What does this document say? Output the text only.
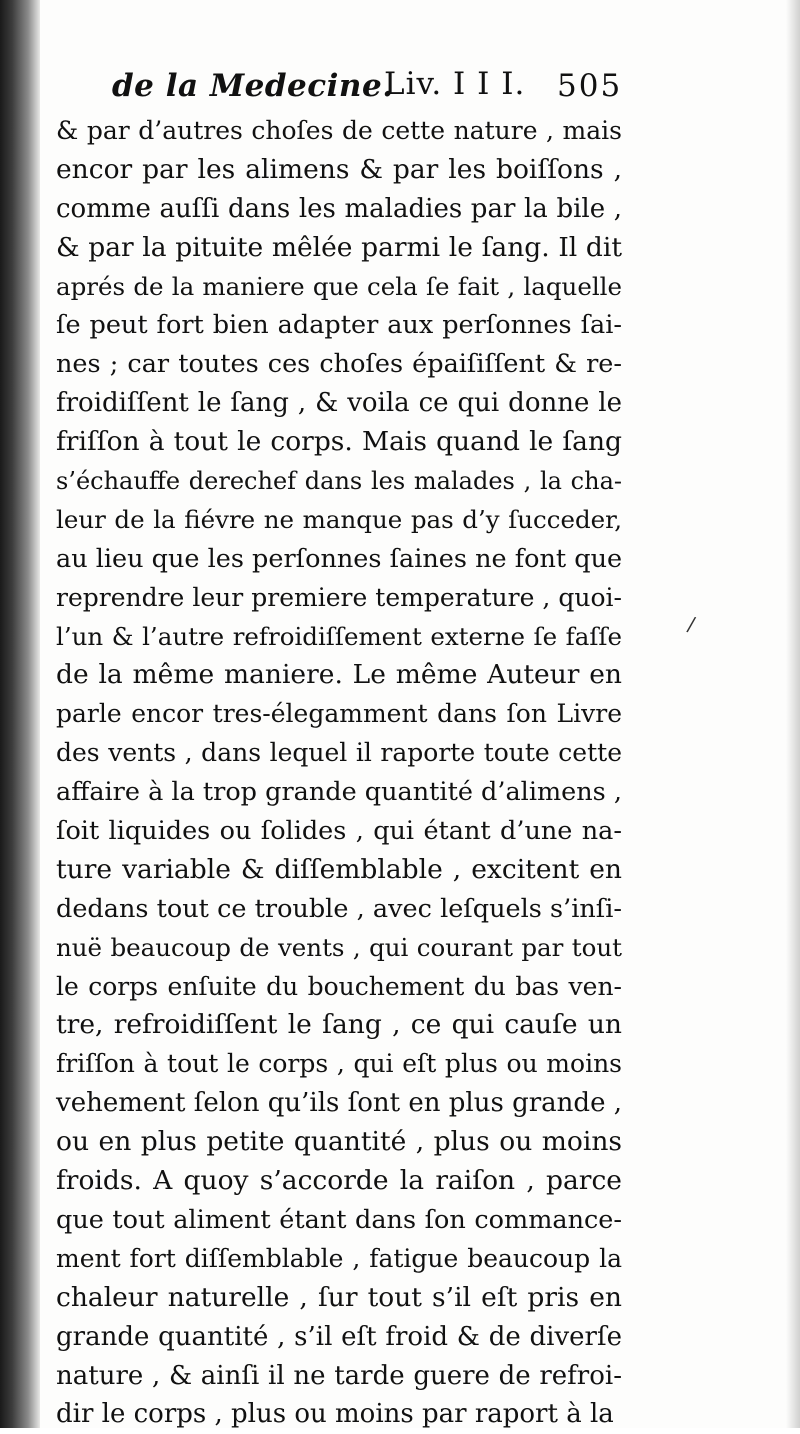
de la Medecine.
Liv. I I I. 505
& par d’autres choſes de cette nature , mais
encor par les alimens & par les boiſſons ,
comme auſſi dans les maladies par la bile ,
& par la pituite mêlée parmi le ſang. Il dit
aprés de la maniere que cela ſe fait , laquelle
ſe peut fort bien adapter aux perſonnes ſai-
nes ; car toutes ces choſes épaiſiſſent & re-
froidiſſent le ſang , & voila ce qui donne le
friſſon à tout le corps. Mais quand le ſang
s’échauffe derechef dans les malades , la cha-
leur de la fiévre ne manque pas d’y ſucceder,
au lieu que les perſonnes ſaines ne font que
reprendre leur premiere temperature , quoi-
l’un & l’autre refroidiſſement externe ſe faſſe
de la même maniere. Le même Auteur en
parle encor tres-élegamment dans ſon Livre
des vents , dans lequel il raporte toute cette
affaire à la trop grande quantité d’alimens ,
ſoit liquides ou ſolides , qui étant d’une na-
ture variable & diſſemblable , excitent en
dedans tout ce trouble , avec leſquels s’inſi-
nuë beaucoup de vents , qui courant par tout
le corps enſuite du bouchement du bas ven-
tre, refroidiſſent le ſang , ce qui cauſe un
friſſon à tout le corps , qui eſt plus ou moins
vehement ſelon qu’ils ſont en plus grande ,
ou en plus petite quantité , plus ou moins
froids. A quoy s’accorde la raiſon , parce
que tout aliment étant dans ſon commance-
ment fort diſſemblable , fatigue beaucoup la
chaleur naturelle , ſur tout s’il eſt pris en
grande quantité , s’il eſt froid & de diverſe
nature , & ainſi il ne tarde guere de refroi-
dir le corps , plus ou moins par raport à la
/
